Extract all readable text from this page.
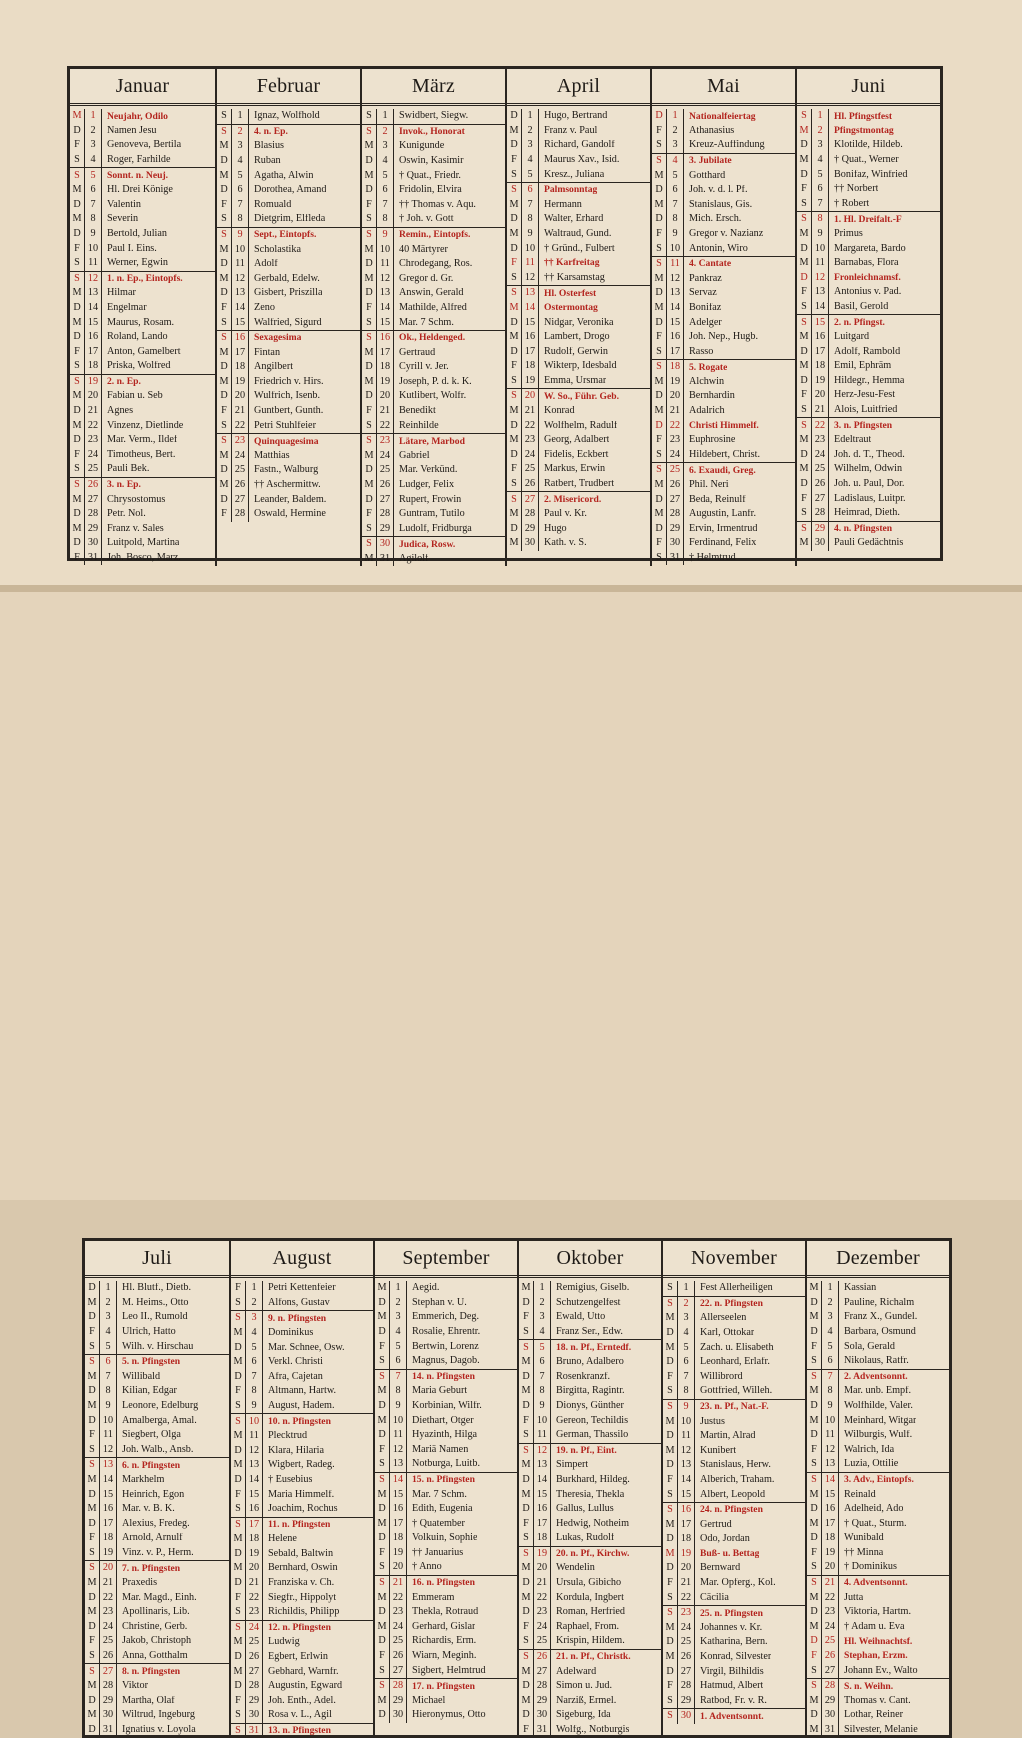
Januar
M 1	Neujahr, Odilo
D 2	Namen Jesu
F	3	Genoveva, Bertila
S	4	Roger, Farhilde
S	5	Sonnt. n. Neuj.
M 6	Hl. Drei Könige
D 7	Valentin
M 8	Severin
D 9	Bertold, Julian
F 10 Paul I. Eins.
S 11 Werner, Egwin
S 12 1. n. Ep., Eintopfs.
M 13 Hilmar
D 14 Engelmar
M 15 Maurus, Rosam.
D 16 Roland, Lando
F 17 Anton, Gamelbert
S 18 Priska, Wolfred
S 19 2. n. Ep.
M 20 Fabian u. Seb
D 21 Agnes
M 22 Vinzenz, Dietlinde
D 23 Mar. Verm., Ildef
F 24 Timotheus, Bert.
S 25 Pauli Bek.
S 26 3. n. Ep.
M 27 Chrysostomus
D 28 Petr. Nol.
M 29 Franz v. Sales
D 30 Luitpold, Martina
F 31 Joh. Bosco, Marz.
Februar
S	1	Ignaz, Wolfhold
S	2	4. n. Ep.
M 3	Blasius
D 4	Ruban
M 5	Agatha, Alwin
D 6	Dorothea, Amand
F	7	Romuald
S	8	Dietgrim, Elfleda
S	9	Sept., Eintopfs.
M 10 Scholastika
D 11 Adolf
M 12 Gerbald, Edelw.
D 13 Gisbert, Priszilla
F 14 Zeno
S 15 Walfried, Sigurd
S 16 Sexagesima
M 17 Fintan
D 18 Angilbert
M 19 Friedrich v. Hirs.
D 20 Wulfrich, Isenb.
F 21 Guntbert, Gunth.
S 22 Petri Stuhlfeier
S 23 Quinquagesima
M 24 Matthias
D 25 Fastn., Walburg
M 26 †† Aschermittw.
D 27 Leander, Baldem.
F 28 Oswald, Hermine
März
S	1	Swidbert, Siegw.
S	2	Invok., Honorat
M 3	Kunigunde
D 4	Oswin, Kasimir
M 5	† Quat., Friedr.
D 6	Fridolin, Elvira
F	7	†† Thomas v. Aqu.
S	8	† Joh. v. Gott
S	9	Remin., Eintopfs.
M 10 40 Märtyrer
D 11 Chrodegang, Ros.
M 12 Gregor d. Gr.
D 13 Answin, Gerald
F 14 Mathilde, Alfred
S 15 Mar. 7 Schm.
S 16 Ok., Heldenged.
M 17 Gertraud
D 18 Cyrill v. Jer.
M 19 Joseph, P. d. k. K.
D 20 Kutlibert, Wolfr.
F 21 Benedikt
S 22 Reinhilde
S 23 Lätare, Marbod
M 24 Gabriel
D 25 Mar. Verkünd.
M 26 Ludger, Felix
D 27 Rupert, Frowin
F 28 Guntram, Tutilo
S 29 Ludolf, Fridburga
S 30 Judica, Rosw.
M 31 Agilolf
April
D 1	Hugo, Bertrand
M 2	Franz v. Paul
D 3	Richard, Gandolf
F	4	Maurus Xav., Isid.
S	5	Kresz., Juliana
S	6	Palmsonntag
M 7	Hermann
D 8	Walter, Erhard
M 9	Waltraud, Gund.
D 10 † Gründ., Fulbert
F 11 †† Karfreitag
S 12 †† Karsamstag
S 13 Hl. Osterfest
M 14 Ostermontag
D 15 Nidgar, Veronika
M 16 Lambert, Drogo
D 17 Rudolf, Gerwin
F 18 Wikterp, Idesbald
S 19 Emma, Ursmar
S 20 W. So., Führ. Geb.
M 21 Konrad
D 22 Wolfhelm, Radulf
M 23 Georg, Adalbert
D 24 Fidelis, Eckbert
F 25 Markus, Erwin
S 26 Ratbert, Trudbert
S 27 2. Misericord.
M 28 Paul v. Kr.
D 29 Hugo
M 30 Kath. v. S.
Mai
D 1	Nationalfeiertag
F	2	Athanasius
S	3	Kreuz-Auffindung
S	4	3. Jubilate
M 5	Gotthard
D 6	Joh. v. d. l. Pf.
M 7	Stanislaus, Gis.
D 8	Mich. Ersch.
F	9	Gregor v. Nazianz
S 10 Antonin, Wiro
S 11 4. Cantate
M 12 Pankraz
D 13 Servaz
M 14 Bonifaz
D 15 Adelger
F 16 Joh. Nep., Hugb.
S 17 Rasso
S 18 5. Rogate
M 19 Alchwin
D 20 Bernhardin
M 21 Adalrich
D 22 Christi Himmelf.
F 23 Euphrosine
S 24 Hildebert, Christ.
S 25 6. Exaudi, Greg.
M 26 Phil. Neri
D 27 Beda, Reinulf
M 28 Augustin, Lanfr.
D 29 Ervin, Irmentrud
F 30 Ferdinand, Felix
S 31 † Helmtrud
Juni
S	1	Hl. Pfingstfest
M 2	Pfingstmontag
D 3	Klotilde, Hildeb.
M 4	† Quat., Werner
D 5	Bonifaz, Winfried
F	6	†† Norbert
S	7	† Robert
S	8	1. Hl. Dreifalt.-F
M 9	Primus
D 10 Margareta, Bardo
M 11 Barnabas, Flora
D 12 Fronleichnamsf.
F 13 Antonius v. Pad.
S 14 Basil, Gerold
S 15 2. n. Pfingst.
M 16 Luitgard
D 17 Adolf, Rambold
M 18 Emil, Ephräm
D 19 Hildegr., Hemma
F 20 Herz-Jesu-Fest
S 21 Alois, Luitfried
S 22 3. n. Pfingsten
M 23 Edeltraut
D 24 Joh. d. T., Theod.
M 25 Wilhelm, Odwin
D 26 Joh. u. Paul, Dor.
F 27 Ladislaus, Luitpr.
S 28 Heimrad, Dieth.
S 29 4. n. Pfingsten
M 30 Pauli Gedächtnis
Juli
D 1	Hl. Blutf., Dietb.
M 2	M. Heims., Otto
D 3	Leo II., Rumold
F	4	Ulrich, Hatto
S	5	Wilh. v. Hirschau
S	6	5. n. Pfingsten
M 7	Willibald
D 8	Kilian, Edgar
M 9	Leonore, Edelburg
D 10 Amalberga, Amal.
F 11 Siegbert, Olga
S 12 Joh. Walb., Ansb.
S 13 6. n. Pfingsten
M 14 Markhelm
D 15 Heinrich, Egon
M 16 Mar. v. B. K.
D 17 Alexius, Fredeg.
F 18 Arnold, Arnulf
S 19 Vinz. v. P., Herm.
S 20 7. n. Pfingsten
M 21 Praxedis
D 22 Mar. Magd., Einh.
M 23 Apollinaris, Lib.
D 24 Christine, Gerb.
F 25 Jakob, Christoph
S 26 Anna, Gotthalm
S 27 8. n. Pfingsten
M 28 Viktor
D 29 Martha, Olaf
M 30 Wiltrud, Ingeburg
D 31 Ignatius v. Loyola
August
F	1	Petri Kettenfeier
S	2	Alfons, Gustav
S	3	9. n. Pfingsten
M 4	Dominikus
D 5	Mar. Schnee, Osw.
M 6	Verkl. Christi
D 7	Afra, Cajetan
F	8	Altmann, Hartw.
S	9	August, Hadem.
S 10 10. n. Pfingsten
M 11 Plecktrud
D 12 Klara, Hilaria
M 13 Wigbert, Radeg.
D 14 † Eusebius
F 15 Maria Himmelf.
S 16 Joachim, Rochus
S 17 11. n. Pfingsten
M 18 Helene
D 19 Sebald, Baltwin
M 20 Bernhard, Oswin
D 21 Franziska v. Ch.
F 22 Siegfr., Hippolyt
S 23 Richildis, Philipp
S 24 12. n. Pfingsten
M 25 Ludwig
D 26 Egbert, Erlwin
M 27 Gebhard, Warnfr.
D 28 Augustin, Egward
F 29 Joh. Enth., Adel.
S 30 Rosa v. L., Agil
S 31 13. n. Pfingsten
September
M 1	Aegid.
D 2	Stephan v. U.
M 3	Emmerich, Deg.
D 4	Rosalie, Ehrentr.
F	5	Bertwin, Lorenz
S	6	Magnus, Dagob.
S	7	14. n. Pfingsten
M 8	Maria Geburt
D 9	Korbinian, Wilfr.
M 10 Diethart, Otger
D 11 Hyazinth, Hilga
F 12 Mariä Namen
S 13 Notburga, Luitb.
S 14 15. n. Pfingsten
M 15 Mar. 7 Schm.
D 16 Edith, Eugenia
M 17 † Quatember
D 18 Volkuin, Sophie
F 19 †† Januarius
S 20 † Anno
S 21 16. n. Pfingsten
M 22 Emmeram
D 23 Thekla, Rotraud
M 24 Gerhard, Gislar
D 25 Richardis, Erm.
F 26 Wiarn, Meginh.
S 27 Sigbert, Helmtrud
S 28 17. n. Pfingsten
M 29 Michael
D 30 Hieronymus, Otto
Oktober
M 1	Remigius, Giselb.
D 2	Schutzengelfest
F	3	Ewald, Utto
S	4	Franz Ser., Edw.
S	5	18. n. Pf., Erntedf.
M 6	Bruno, Adalbero
D 7	Rosenkranzf.
M 8	Birgitta, Ragintr.
D 9	Dionys, Günther
F 10 Gereon, Techildis
S 11 German, Thassilo
S 12 19. n. Pf., Eint.
M 13 Simpert
D 14 Burkhard, Hildeg.
M 15 Theresia, Thekla
D 16 Gallus, Lullus
F 17 Hedwig, Notheim
S 18 Lukas, Rudolf
S 19 20. n. Pf., Kirchw.
M 20 Wendelin
D 21 Ursula, Gibicho
M 22 Kordula, Ingbert
D 23 Roman, Herfried
F 24 Raphael, From.
S 25 Krispin, Hildem.
S 26 21. n. Pf., Christk.
M 27 Adelward
D 28 Simon u. Jud.
M 29 Narziß, Ermel.
D 30 Sigeburg, Ida
F 31 Wolfg., Notburgis
November
S	1	Fest Allerheiligen
S	2	22. n. Pfingsten
M 3	Allerseelen
D 4	Karl, Ottokar
M 5	Zach. u. Elisabeth
D 6	Leonhard, Erlafr.
F	7	Willibrord
S	8	Gottfried, Willeh.
S	9	23. n. Pf., Nat.-F.
M 10 Justus
D 11 Martin, Alrad
M 12 Kunibert
D 13 Stanislaus, Herw.
F 14 Alberich, Traham.
S 15 Albert, Leopold
S 16 24. n. Pfingsten
M 17 Gertrud
D 18 Odo, Jordan
M 19 Buß- u. Bettag
D 20 Bernward
F 21 Mar. Opferg., Kol.
S 22 Cäcilia
S 23 25. n. Pfingsten
M 24 Johannes v. Kr.
D 25 Katharina, Bern.
M 26 Konrad, Silvester
D 27 Virgil, Bilhildis
F 28 Hatmud, Albert
S 29 Ratbod, Fr. v. R.
S 30 1. Adventsonnt.
Dezember
M 1	Kassian
D 2	Pauline, Richalm
M 3	Franz X., Gundel.
D 4	Barbara, Osmund
F	5	Sola, Gerald
S	6	Nikolaus, Ratfr.
S	7	2. Adventsonnt.
M 8	Mar. unb. Empf.
D 9	Wolfhilde, Valer.
M 10 Meinhard, Witgar
D 11 Wilburgis, Wulf.
F 12 Walrich, Ida
S 13 Luzia, Ottilie
S 14 3. Adv., Eintopfs.
M 15 Reinald
D 16 Adelheid, Ado
M 17 † Quat., Sturm.
D 18 Wunibald
F 19 †† Minna
S 20 † Dominikus
S 21 4. Adventsonnt.
M 22 Jutta
D 23 Viktoria, Hartm.
M 24 † Adam u. Eva
D 25 Hl. Weihnachtsf.
F 26 Stephan, Erzm.
S 27 Johann Ev., Walto
S 28 S. n. Weihn.
M 29 Thomas v. Cant.
D 30 Lothar, Reiner
M 31 Silvester, Melanie
